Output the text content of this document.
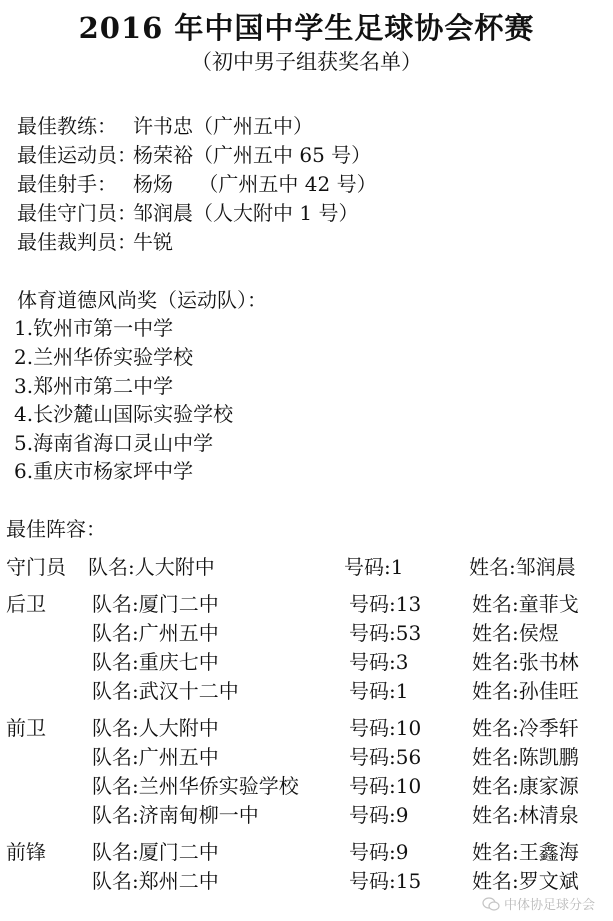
2016 年中国中学生足球协会杯赛
（初中男子组获奖名单）
最佳教练： 许书忠（广州五中）
最佳运动员：
杨荣裕（广州五中 65 号）
最佳射手： 杨炀    （广州五中 42 号）
最佳守门员：
邹润晨（人大附中 1 号）
最佳裁判员：
牛锐
体育道德风尚奖（运动队）：
1.钦州市第一中学
2.兰州华侨实验学校
3.郑州市第二中学
4.长沙麓山国际实验学校
5.海南省海口灵山中学
6.重庆市杨家坪中学
最佳阵容：
守门员 队名:人大附中	号码:1	姓名:邹润晨
后卫 队名:厦门二中	号码:13	姓名:童菲戈
队名:广州五中	号码:53	姓名:侯煜
队名:重庆七中	号码:3	姓名:张书林
队名:武汉十二中	号码:1	姓名:孙佳旺
前卫 队名:人大附中	号码:10	姓名:冷季轩
队名:广州五中	号码:56	姓名:陈凯鹏
队名:兰州华侨实验学校	号码:10	姓名:康家源
队名:济南甸柳一中	号码:9	姓名:林清泉
前锋 队名:厦门二中	号码:9	姓名:王鑫海
队名:郑州二中	号码:15	姓名:罗文斌
中体协足球分会
